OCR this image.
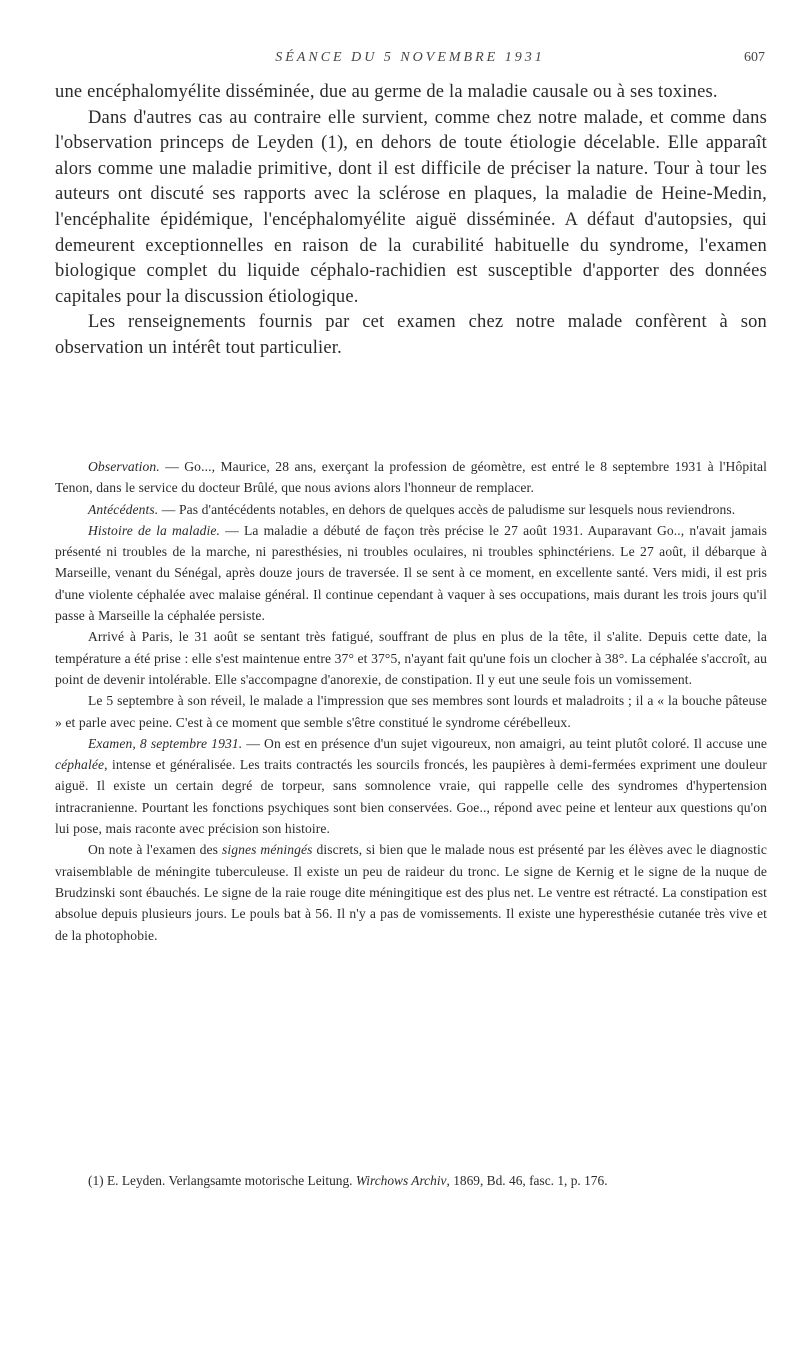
SÉANCE DU 5 NOVEMBRE 1931	607

une encéphalomyélite disséminée, due au germe de la maladie causale ou à ses toxines.

Dans d'autres cas au contraire elle survient, comme chez notre malade, et comme dans l'observation princeps de Leyden (1), en dehors de toute étiologie décelable. Elle apparaît alors comme une maladie primitive, dont il est difficile de préciser la nature. Tour à tour les auteurs ont discuté ses rapports avec la sclérose en plaques, la maladie de Heine-Medin, l'encéphalite épidémique, l'encéphalomyélite aiguë disséminée. A défaut d'autopsies, qui demeurent exceptionnelles en raison de la curabilité habituelle du syndrome, l'examen biologique complet du liquide céphalo-rachidien est susceptible d'apporter des données capitales pour la discussion étiologique.

Les renseignements fournis par cet examen chez notre malade confèrent à son observation un intérêt tout particulier.

Observation. — Go..., Maurice, 28 ans, exerçant la profession de géomètre, est entré le 8 septembre 1931 à l'Hôpital Tenon, dans le service du docteur Brûlé, que nous avions alors l'honneur de remplacer.

Antécédents. — Pas d'antécédents notables, en dehors de quelques accès de paludisme sur lesquels nous reviendrons.

Histoire de la maladie. — La maladie a débuté de façon très précise le 27 août 1931. Auparavant Go.., n'avait jamais présenté ni troubles de la marche, ni paresthésies, ni troubles oculaires, ni troubles sphinctériens. Le 27 août, il débarque à Marseille, venant du Sénégal, après douze jours de traversée. Il se sent à ce moment, en excellente santé. Vers midi, il est pris d'une violente céphalée avec malaise général. Il continue cependant à vaquer à ses occupations, mais durant les trois jours qu'il passe à Marseille la céphalée persiste.

Arrivé à Paris, le 31 août se sentant très fatigué, souffrant de plus en plus de la tête, il s'alite. Depuis cette date, la température a été prise : elle s'est maintenue entre 37° et 37°5, n'ayant fait qu'une fois un clocher à 38°. La céphalée s'accroît, au point de devenir intolérable. Elle s'accompagne d'anorexie, de constipation. Il y eut une seule fois un vomissement.

Le 5 septembre à son réveil, le malade a l'impression que ses membres sont lourds et maladroits ; il a « la bouche pâteuse » et parle avec peine. C'est à ce moment que semble s'être constitué le syndrome cérébelleux.

Examen, 8 septembre 1931. — On est en présence d'un sujet vigoureux, non amaigri, au teint plutôt coloré. Il accuse une céphalée, intense et généralisée. Les traits contractés les sourcils froncés, les paupières à demi-fermées expriment une douleur aiguë. Il existe un certain degré de torpeur, sans somnolence vraie, qui rappelle celle des syndromes d'hypertension intracranienne. Pourtant les fonctions psychiques sont bien conservées. Goe.., répond avec peine et lenteur aux questions qu'on lui pose, mais raconte avec précision son histoire.

On note à l'examen des signes méningés discrets, si bien que le malade nous est présenté par les élèves avec le diagnostic vraisemblable de méningite tuberculeuse. Il existe un peu de raideur du tronc. Le signe de Kernig et le signe de la nuque de Brudzinski sont ébauchés. Le signe de la raie rouge dite méningitique est des plus net. Le ventre est rétracté. La constipation est absolue depuis plusieurs jours. Le pouls bat à 56. Il n'y a pas de vomissements. Il existe une hyperesthésie cutanée très vive et de la photophobie.

(1) E. Leyden. Verlangsamte motorische Leitung. Wirchows Archiv, 1869, Bd. 46, fasc. 1, p. 176.
